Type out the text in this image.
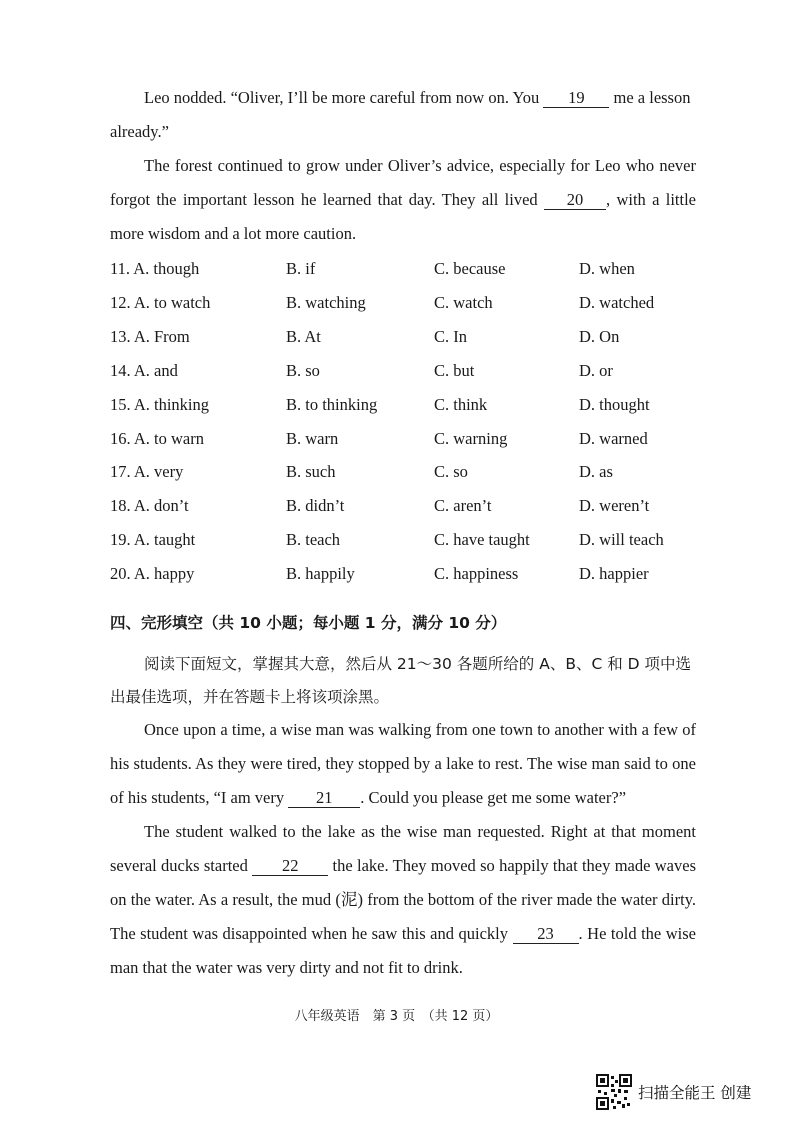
Leo nodded. “Oliver, I’ll be more careful from now on. You 19 me a lesson already.”

The forest continued to grow under Oliver’s advice, especially for Leo who never forgot the important lesson he learned that day. They all lived 20 , with a little more wisdom and a lot more caution.

11. A. though	B. if	C. because	D. when
12. A. to watch	B. watching	C. watch	D. watched
13. A. From	B. At	C. In	D. On
14. A. and	B. so	C. but	D. or
15. A. thinking	B. to thinking	C. think	D. thought
16. A. to warn	B. warn	C. warning	D. warned
17. A. very	B. such	C. so	D. as
18. A. don’t	B. didn’t	C. aren’t	D. weren’t
19. A. taught	B. teach	C. have taught	D. will teach
20. A. happy	B. happily	C. happiness	D. happier
四、完形填空（共 10 小题；每小题 1 分，满分 10 分）

阅读下面短文，掌握其大意，然后从 21～30 各题所给的 A、B、C 和 D 项中选出最佳选项，并在答题卡上将该项涂黑。

Once upon a time, a wise man was walking from one town to another with a few of his students. As they were tired, they stopped by a lake to rest. The wise man said to one of his students, “I am very 21 . Could you please get me some water?”

The student walked to the lake as the wise man requested. Right at that moment several ducks started 22 the lake. They moved so happily that they made waves on the water. As a result, the mud (泥) from the bottom of the river made the water dirty. The student was disappointed when he saw this and quickly 23 . He told the wise man that the water was very dirty and not fit to drink.

八年级英语　第 3 页　（共 12 页）
扫描全能王 创建
